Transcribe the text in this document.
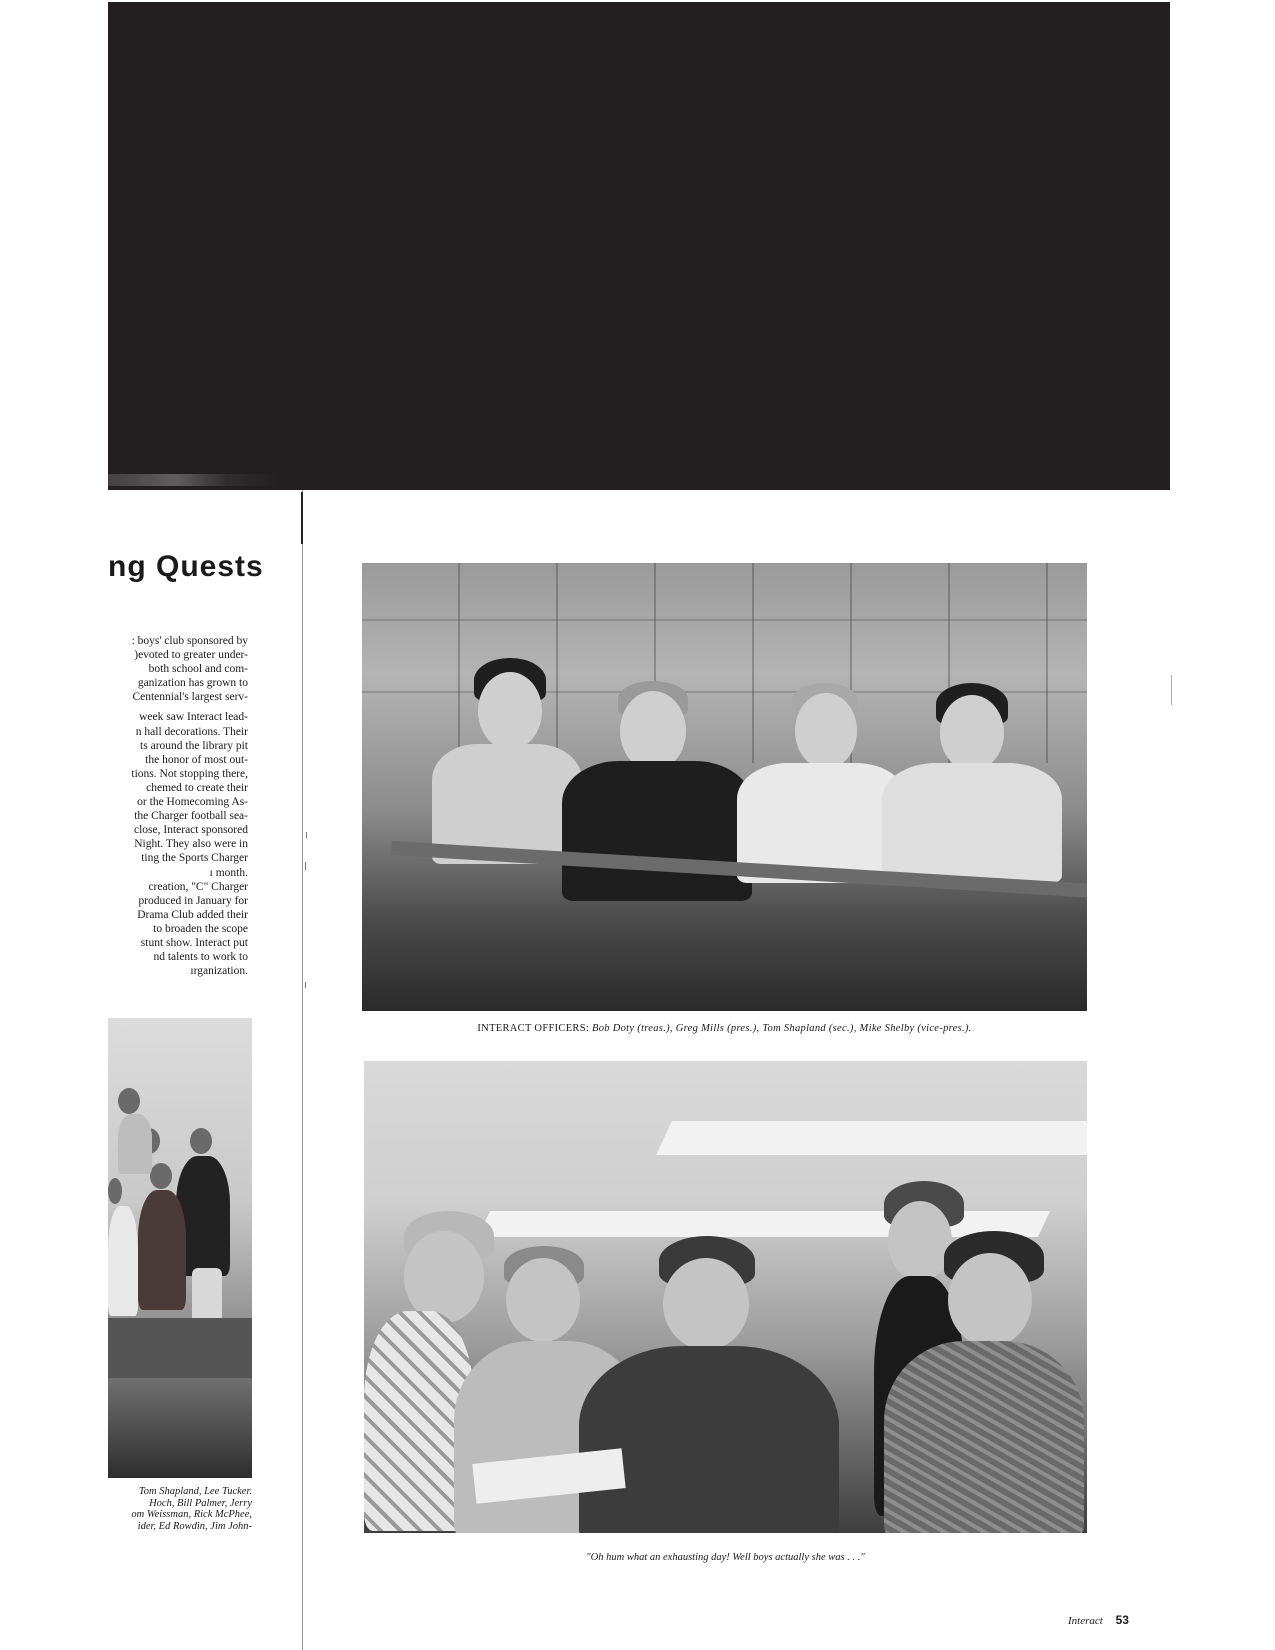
ng Quests

: boys' club sponsored by

)evoted to greater under-

both school and com-

ganization has grown to

Centennial's largest serv-

week saw Interact lead-

n hall decorations. Their

ts around the library pit

the honor of most out-

tions. Not stopping there,

chemed to create their

or the Homecoming As-

the Charger football sea-

close, Interact sponsored

Night. They also were in

ting the Sports Charger

ı month.

creation, "C" Charger

produced in January for

Drama Club added their

to broaden the scope

stunt show. Interact put

nd talents to work to

ırganization.

Tom Shapland, Lee Tucker.

Hoch, Bill Palmer, Jerry

om Weissman, Rick McPhee,

ider, Ed Rowdin, Jim John-

INTERACT OFFICERS: Bob Doty (treas.), Greg Mills (pres.), Tom Shapland (sec.), Mike Shelby (vice-pres.).
"Oh hum what an exhausting day! Well boys actually she was . . ."
Interact 53
